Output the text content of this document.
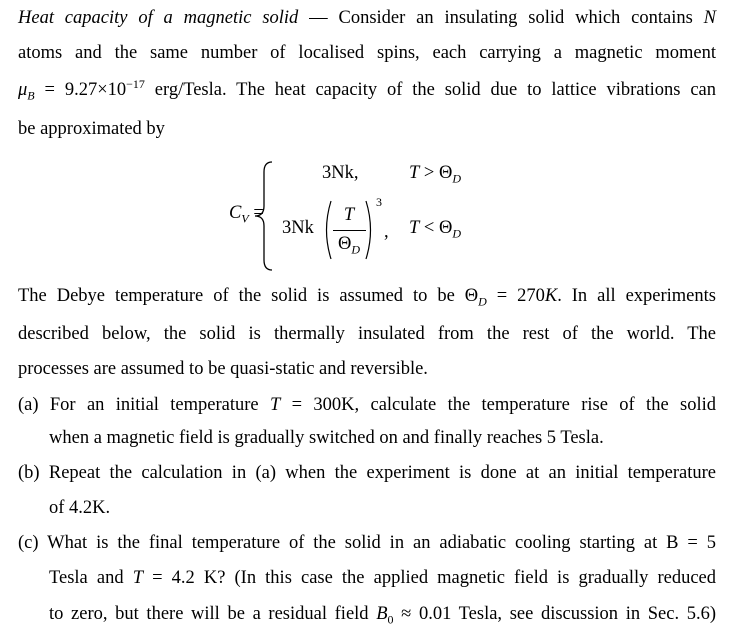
Heat capacity of a magnetic solid — Consider an insulating solid which contains N
atoms and the same number of localised spins, each carrying a magnetic moment
$\mu_B = 9.27\times 10^{-17}$ erg/Tesla. The heat capacity of the solid due to lattice vibrations can
be approximated by
$C_V$ =
3Nk,	$T > \Theta_D$
3Nk
T
$\Theta_D$
3
, $T < \Theta_D$
The Debye temperature of the solid is assumed to be $\Theta_D = 270K$. In all experiments
described below, the solid is thermally insulated from the rest of the world. The
processes are assumed to be quasi-static and reversible.
(a) For an initial temperature T = 300K, calculate the temperature rise of the solid
when a magnetic field is gradually switched on and finally reaches 5 Tesla.
(b) Repeat the calculation in (a) when the experiment is done at an initial temperature
of 4.2K.
(c) What is the final temperature of the solid in an adiabatic cooling starting at B = 5
Tesla and T = 4.2 K? (In this case the applied magnetic field is gradually reduced
to zero, but there will be a residual field $B_0 \approx 0.01$ Tesla, see discussion in Sec. 5.6)
